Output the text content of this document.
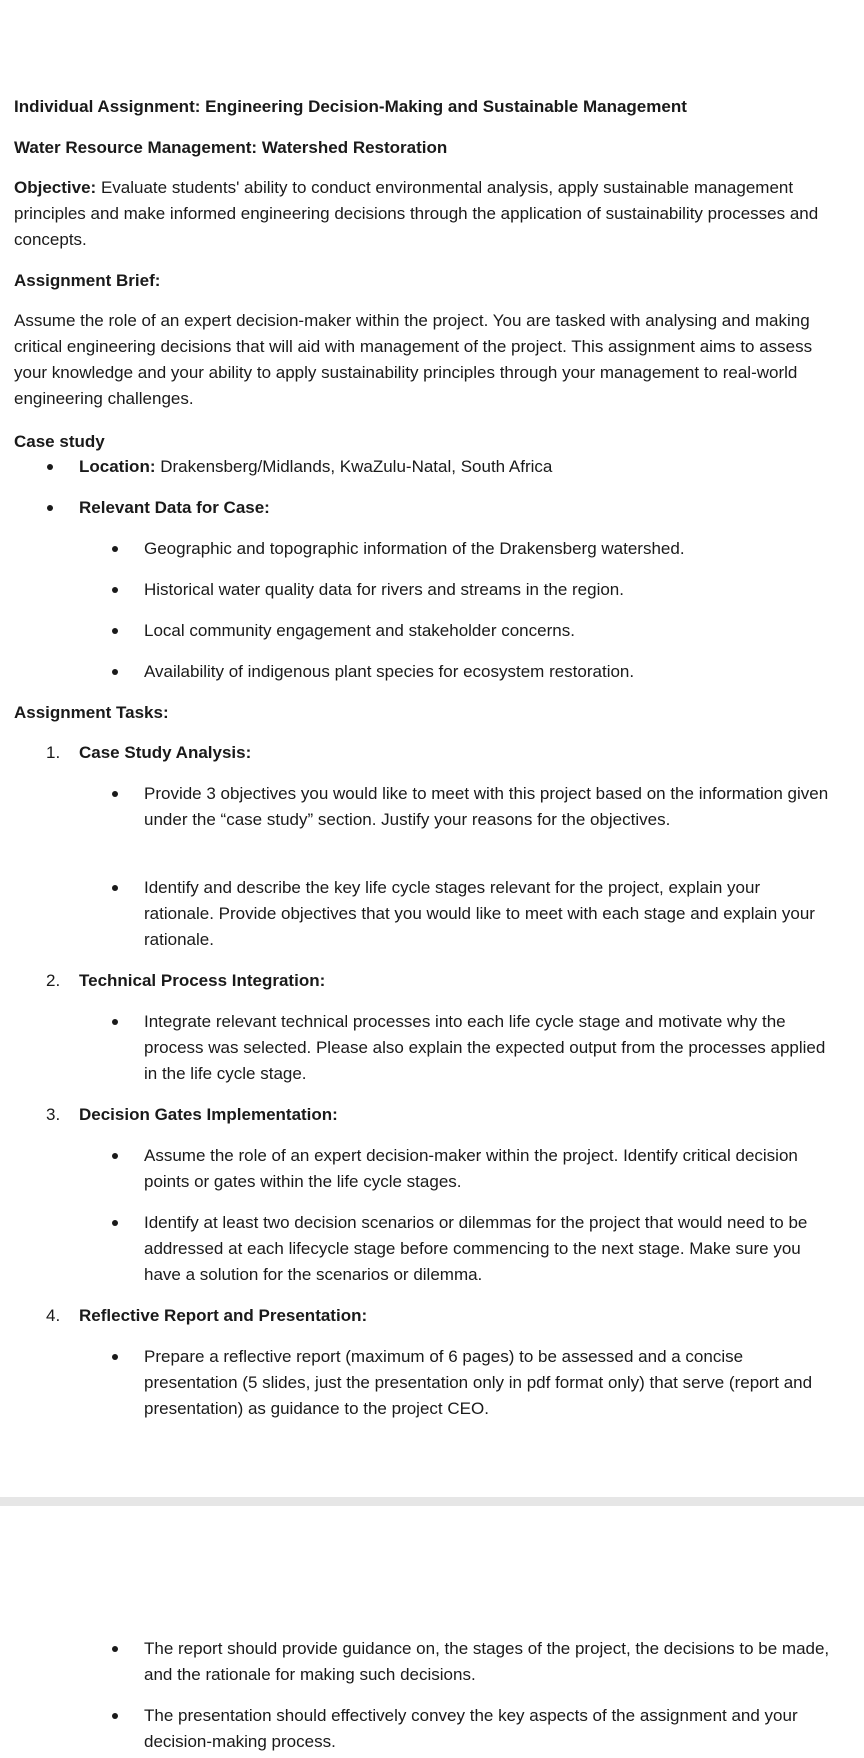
Individual Assignment: Engineering Decision-Making and Sustainable Management

Water Resource Management: Watershed Restoration

Objective: Evaluate students' ability to conduct environmental analysis, apply sustainable management principles and make informed engineering decisions through the application of sustainability processes and concepts.

Assignment Brief:

Assume the role of an expert decision-maker within the project. You are tasked with analysing and making critical engineering decisions that will aid with management of the project. This assignment aims to assess your knowledge and your ability to apply sustainability principles through your management to real-world engineering challenges.

Case study

Location: Drakensberg/Midlands, KwaZulu-Natal, South Africa

Relevant Data for Case:

Geographic and topographic information of the Drakensberg watershed.

Historical water quality data for rivers and streams in the region.

Local community engagement and stakeholder concerns.

Availability of indigenous plant species for ecosystem restoration.

Assignment Tasks:

1. Case Study Analysis:

Provide 3 objectives you would like to meet with this project based on the information given under the “case study” section. Justify your reasons for the objectives.

Identify and describe the key life cycle stages relevant for the project, explain your rationale. Provide objectives that you would like to meet with each stage and explain your rationale.

2. Technical Process Integration:

Integrate relevant technical processes into each life cycle stage and motivate why the process was selected. Please also explain the expected output from the processes applied in the life cycle stage.

3. Decision Gates Implementation:

Assume the role of an expert decision-maker within the project. Identify critical decision points or gates within the life cycle stages.

Identify at least two decision scenarios or dilemmas for the project that would need to be addressed at each lifecycle stage before commencing to the next stage. Make sure you have a solution for the scenarios or dilemma.

4. Reflective Report and Presentation:

Prepare a reflective report (maximum of 6 pages) to be assessed and a concise presentation (5 slides, just the presentation only in pdf format only) that serve (report and presentation) as guidance to the project CEO.

The report should provide guidance on, the stages of the project, the decisions to be made, and the rationale for making such decisions.

The presentation should effectively convey the key aspects of the assignment and your decision-making process.
